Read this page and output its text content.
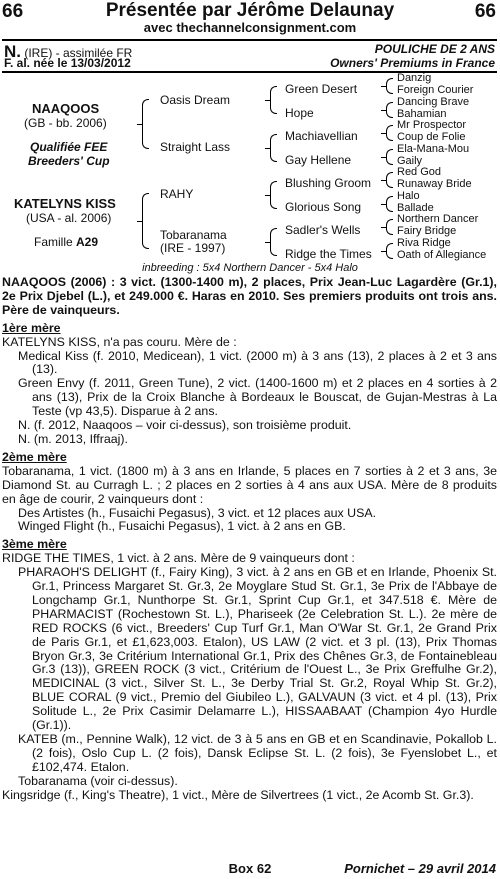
66	Présentée par Jérôme Delaunay	66
avec thechannelconsignment.com
N. (IRE) - assimilée FR
F. al. née le 13/03/2012
POULICHE DE 2 ANS
Owners' Premiums in France
NAAQOOS
(GB - bb. 2006)
Qualifiée FEE
Breeders' Cup
KATELYNS KISS
(USA - al. 2006)
Famille A29
Oasis Dream
Straight Lass
RAHY
Tobaranama
(IRE - 1997)
Green Desert
Hope
Machiavellian
Gay Hellene
Blushing Groom
Glorious Song
Sadler's Wells
Ridge the Times
Danzig
Foreign Courier
Dancing Brave
Bahamian
Mr Prospector
Coup de Folie
Ela-Mana-Mou
Gaily
Red God
Runaway Bride
Halo
Ballade
Northern Dancer
Fairy Bridge
Riva Ridge
Oath of Allegiance
inbreeding : 5x4 Northern Dancer - 5x4 Halo

NAAQOOS (2006) : 3 vict. (1300-1400 m), 2 places, Prix Jean-Luc Lagardère (Gr.1), 2e Prix Djebel (L.), et 249.000 €. Haras en 2010. Ses premiers produits ont trois ans. Père de vainqueurs.

1ère mère

KATELYNS KISS, n'a pas couru. Mère de :

Medical Kiss (f. 2010, Medicean), 1 vict. (2000 m) à 3 ans (13), 2 places à 2 et 3 ans (13).

Green Envy (f. 2011, Green Tune), 2 vict. (1400-1600 m) et 2 places en 4 sorties à 2 ans (13), Prix de la Croix Blanche à Bordeaux le Bouscat, de Gujan-Mestras à La Teste (vp 43,5). Disparue à 2 ans.

N. (f. 2012, Naaqoos – voir ci-dessus), son troisième produit.

N. (m. 2013, Iffraaj).

2ème mère

Tobaranama, 1 vict. (1800 m) à 3 ans en Irlande, 5 places en 7 sorties à 2 et 3 ans, 3e Diamond St. au Curragh L. ; 2 places en 2 sorties à 4 ans aux USA. Mère de 8 produits en âge de courir, 2 vainqueurs dont :

Des Artistes (h., Fusaichi Pegasus), 3 vict. et 12 places aux USA.

Winged Flight (h., Fusaichi Pegasus), 1 vict. à 2 ans en GB.

3ème mère

RIDGE THE TIMES, 1 vict. à 2 ans. Mère de 9 vainqueurs dont :

PHARAOH'S DELIGHT (f., Fairy King), 3 vict. à 2 ans en GB et en Irlande, Phoenix St. Gr.1, Princess Margaret St. Gr.3, 2e Moyglare Stud St. Gr.1, 3e Prix de l'Abbaye de Longchamp Gr.1, Nunthorpe St. Gr.1, Sprint Cup Gr.1, et 347.518 €. Mère de PHARMACIST (Rochestown St. L.), Phariseek (2e Celebration St. L.). 2e mère de RED ROCKS (6 vict., Breeders' Cup Turf Gr.1, Man O'War St. Gr.1, 2e Grand Prix de Paris Gr.1, et £1,623,003. Etalon), US LAW (2 vict. et 3 pl. (13), Prix Thomas Bryon Gr.3, 3e Critérium International Gr.1, Prix des Chênes Gr.3, de Fontainebleau Gr.3 (13)), GREEN ROCK (3 vict., Critérium de l'Ouest L., 3e Prix Greffulhe Gr.2), MEDICINAL (3 vict., Silver St. L., 3e Derby Trial St. Gr.2, Royal Whip St. Gr.2), BLUE CORAL (9 vict., Premio del Giubileo L.), GALVAUN (3 vict. et 4 pl. (13), Prix Solitude L., 2e Prix Casimir Delamarre L.), HISSAABAAT (Champion 4yo Hurdle (Gr.1)).

KATEB (m., Pennine Walk), 12 vict. de 3 à 5 ans en GB et en Scandinavie, Pokallob L. (2 fois), Oslo Cup L. (2 fois), Dansk Eclipse St. L. (2 fois), 3e Fyenslobet L., et £102,474. Etalon.

Tobaranama (voir ci-dessus).

Kingsridge (f., King's Theatre), 1 vict., Mère de Silvertrees (1 vict., 2e Acomb St. Gr.3).

Box 62	Pornichet – 29 avril 2014
